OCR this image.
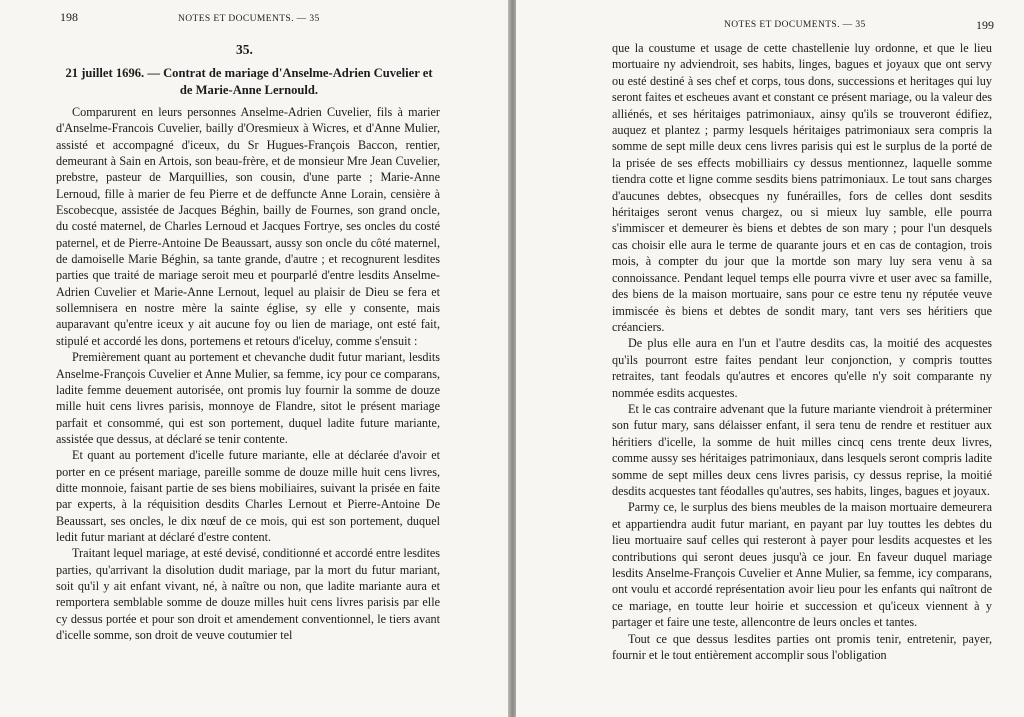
198	NOTES ET DOCUMENTS. — 35
35.
21 juillet 1696. — Contrat de mariage d'Anselme-Adrien Cuvelier et de Marie-Anne Lernould.

Comparurent en leurs personnes Anselme-Adrien Cuvelier, fils à marier d'Anselme-Francois Cuvelier, bailly d'Oresmieux à Wicres, et d'Anne Mulier, assisté et accompagné d'iceux, du Sr Hugues-François Baccon, rentier, demeurant à Sain en Artois, son beau-frère, et de monsieur Mre Jean Cuvelier, prebstre, pasteur de Marquillies, son cousin, d'une parte ; Marie-Anne Lernoud, fille à marier de feu Pierre et de deffuncte Anne Lorain, censière à Escobecque, assistée de Jacques Béghin, bailly de Fournes, son grand oncle, du costé maternel, de Charles Lernoud et Jacques Fortrye, ses oncles du costé paternel, et de Pierre-Antoine De Beaussart, aussy son oncle du côté maternel, de damoiselle Marie Béghin, sa tante grande, d'autre ; et recognurent lesdites parties que traité de mariage seroit meu et pourparlé d'entre lesdits Anselme-Adrien Cuvelier et Marie-Anne Lernout, lequel au plaisir de Dieu se fera et sollemnisera en nostre mère la sainte église, sy elle y consente, mais auparavant qu'entre iceux y ait aucune foy ou lien de mariage, ont esté fait, stipulé et accordé les dons, portemens et retours d'iceluy, comme s'ensuit :

Premièrement quant au portement et chevanche dudit futur mariant, lesdits Anselme-François Cuvelier et Anne Mulier, sa femme, icy pour ce comparans, ladite femme deuement autorisée, ont promis luy fournir la somme de douze mille huit cens livres parisis, monnoye de Flandre, sitot le présent mariage parfait et consommé, qui est son portement, duquel ladite future mariante, assistée que dessus, at déclaré se tenir contente.

Et quant au portement d'icelle future mariante, elle at déclarée d'avoir et porter en ce présent mariage, pareille somme de douze mille huit cens livres, ditte monnoie, faisant partie de ses biens mobiliaires, suivant la prisée en faite par experts, à la réquisition desdits Charles Lernout et Pierre-Antoine De Beaussart, ses oncles, le dix nœuf de ce mois, qui est son portement, duquel ledit futur mariant at déclaré d'estre content.

Traitant lequel mariage, at esté devisé, conditionné et accordé entre lesdites parties, qu'arrivant la disolution dudit mariage, par la mort du futur mariant, soit qu'il y ait enfant vivant, né, à naître ou non, que ladite mariante aura et remportera semblable somme de douze milles huit cens livres parisis par elle cy dessus portée et pour son droit et amendement conventionnel, le tiers avant d'icelle somme, son droit de veuve coutumier tel

NOTES ET DOCUMENTS. — 35	199

que la coustume et usage de cette chastellenie luy ordonne, et que le lieu mortuaire ny adviendroit, ses habits, linges, bagues et joyaux que ont servy ou esté destiné à ses chef et corps, tous dons, successions et heritages qui luy seront faites et escheues avant et constant ce présent mariage, ou la valeur des alliénés, et ses héritaiges patrimoniaux, ainsy qu'ils se trouveront édifiez, auquez et plantez ; parmy lesquels héritaiges patrimoniaux sera compris la somme de sept mille deux cens livres parisis qui est le surplus de la porté de la prisée de ses effects mobilliairs cy dessus mentionnez, laquelle somme tiendra cotte et ligne comme sesdits biens patrimoniaux. Le tout sans charges d'aucunes debtes, obsecques ny funérailles, fors de celles dont sesdits héritaiges seront venus chargez, ou si mieux luy samble, elle pourra s'immiscer et demeurer ès biens et debtes de son mary ; pour l'un desquels cas choisir elle aura le terme de quarante jours et en cas de contagion, trois mois, à compter du jour que la mortde son mary luy sera venu à sa connoissance. Pendant lequel temps elle pourra vivre et user avec sa famille, des biens de la maison mortuaire, sans pour ce estre tenu ny réputée veuve immiscée ès biens et debtes de sondit mary, tant vers ses héritiers que créanciers.

De plus elle aura en l'un et l'autre desdits cas, la moitié des acquestes qu'ils pourront estre faites pendant leur conjonction, y compris touttes retraites, tant feodals qu'autres et encores qu'elle n'y soit comparante ny nommée esdits acquestes.

Et le cas contraire advenant que la future mariante viendroit à préterminer son futur mary, sans délaisser enfant, il sera tenu de rendre et restituer aux héritiers d'icelle, la somme de huit milles cincq cens trente deux livres, comme aussy ses héritaiges patrimoniaux, dans lesquels seront compris ladite somme de sept milles deux cens livres parisis, cy dessus reprise, la moitié desdits acquestes tant féodalles qu'autres, ses habits, linges, bagues et joyaux.

Parmy ce, le surplus des biens meubles de la maison mortuaire demeurera et appartiendra audit futur mariant, en payant par luy touttes les debtes du lieu mortuaire sauf celles qui resteront à payer pour lesdits acquestes et les contributions qui seront deues jusqu'à ce jour. En faveur duquel mariage lesdits Anselme-François Cuvelier et Anne Mulier, sa femme, icy comparans, ont voulu et accordé représentation avoir lieu pour les enfants qui naîtront de ce mariage, en toutte leur hoirie et succession et qu'iceux viennent à y partager et faire une teste, allencontre de leurs oncles et tantes.

Tout ce que dessus lesdites parties ont promis tenir, entretenir, payer, fournir et le tout entièrement accomplir sous l'obligation
